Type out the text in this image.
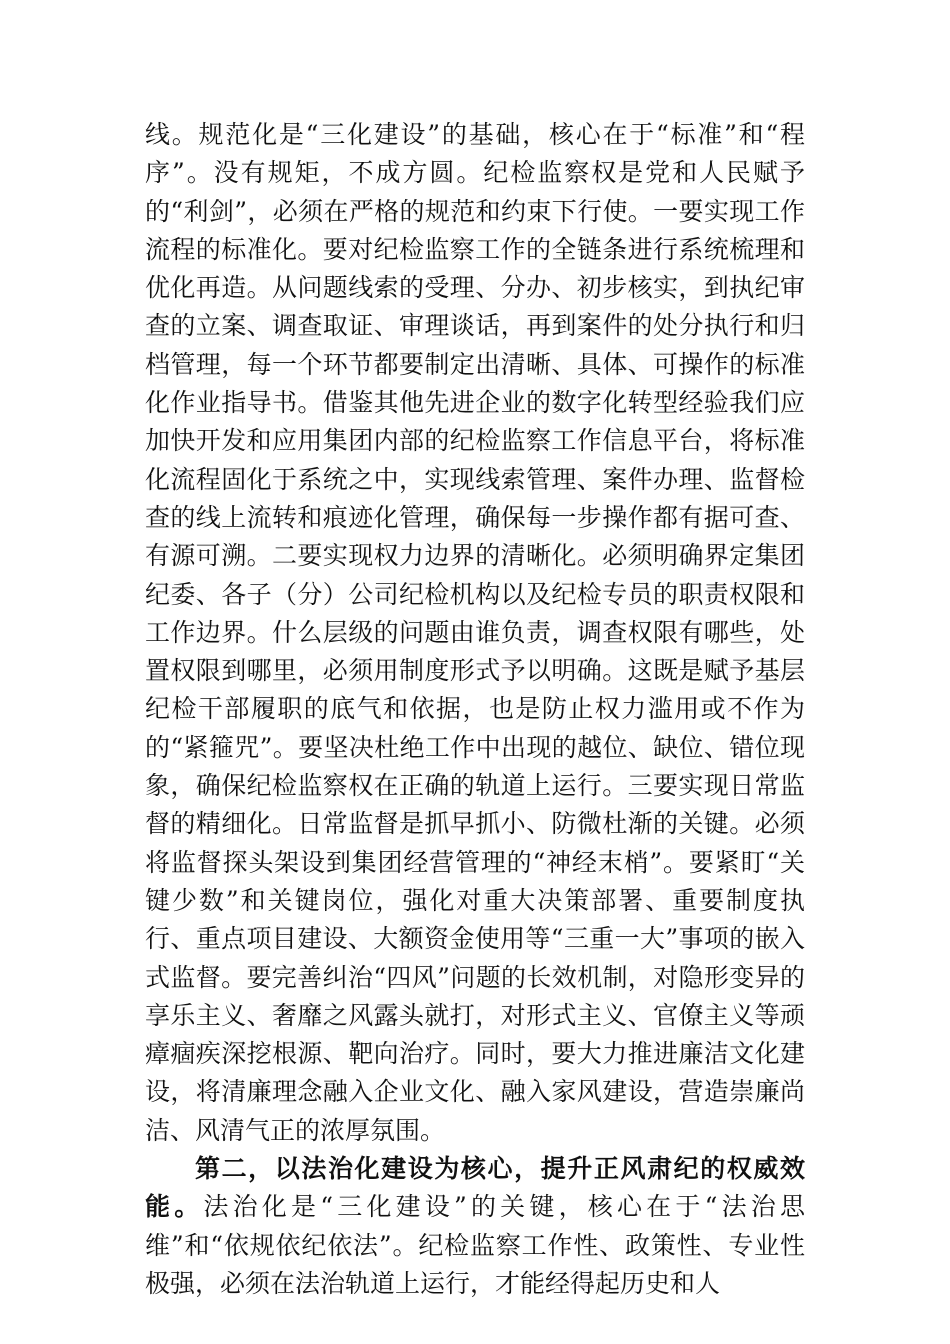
线。规范化是“三化建设”的基础，核心在于“标准”和“程序”。没有规矩，不成方圆。纪检监察权是党和人民赋予的“利剑”，必须在严格的规范和约束下行使。一要实现工作流程的标准化。要对纪检监察工作的全链条进行系统梳理和优化再造。从问题线索的受理、分办、初步核实，到执纪审查的立案、调查取证、审理谈话，再到案件的处分执行和归档管理，每一个环节都要制定出清晰、具体、可操作的标准化作业指导书。借鉴其他先进企业的数字化转型经验我们应加快开发和应用集团内部的纪检监察工作信息平台，将标准化流程固化于系统之中，实现线索管理、案件办理、监督检查的线上流转和痕迹化管理，确保每一步操作都有据可查、有源可溯。二要实现权力边界的清晰化。必须明确界定集团纪委、各子（分）公司纪检机构以及纪检专员的职责权限和工作边界。什么层级的问题由谁负责，调查权限有哪些，处置权限到哪里，必须用制度形式予以明确。这既是赋予基层纪检干部履职的底气和依据，也是防止权力滥用或不作为的“紧箍咒”。要坚决杜绝工作中出现的越位、缺位、错位现象，确保纪检监察权在正确的轨道上运行。三要实现日常监督的精细化。日常监督是抓早抓小、防微杜渐的关键。必须将监督探头架设到集团经营管理的“神经末梢”。要紧盯“关键少数”和关键岗位，强化对重大决策部署、重要制度执行、重点项目建设、大额资金使用等“三重一大”事项的嵌入式监督。要完善纠治“四风”问题的长效机制，对隐形变异的享乐主义、奢靡之风露头就打，对形式主义、官僚主义等顽瘴痼疾深挖根源、靶向治疗。同时，要大力推进廉洁文化建设，将清廉理念融入企业文化、融入家风建设，营造崇廉尚洁、风清气正的浓厚氛围。

第二，以法治化建设为核心，提升正风肃纪的权威效能。法治化是“三化建设”的关键，核心在于“法治思维”和“依规依纪依法”。纪检监察工作性、政策性、专业性极强，必须在法治轨道上运行，才能经得起历史和人
